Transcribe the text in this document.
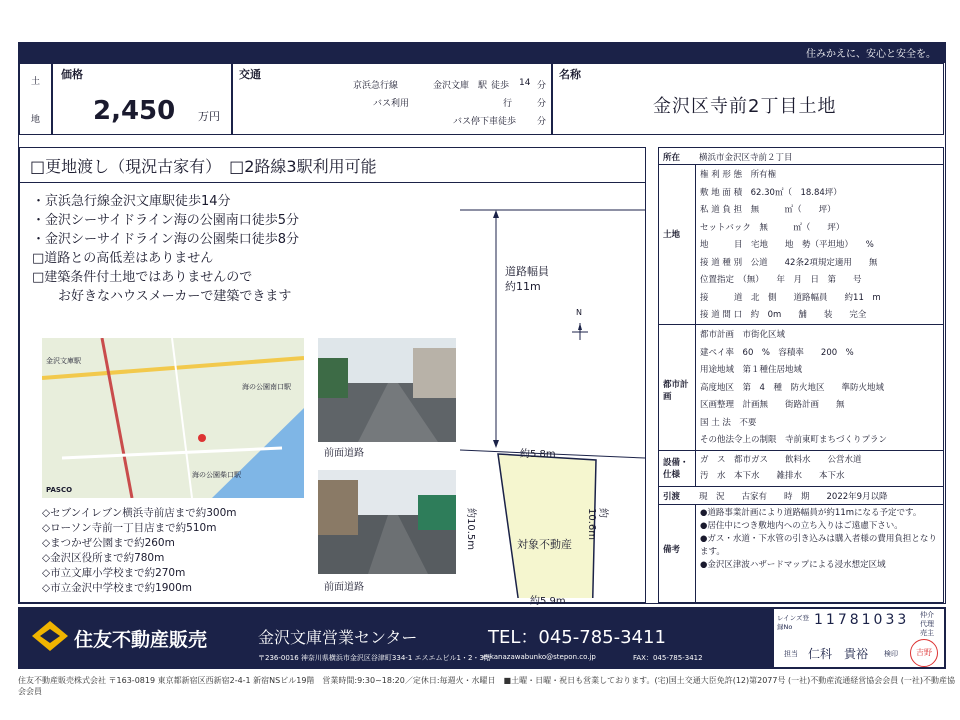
住みかえに、安心と安全を。
土
地
価格
2,450 万円
交通
京浜急行線	金沢文庫　駅 徒歩 14 分
バス利用	行	分
バス停下車徒歩 分
名称
金沢区寺前2丁目土地
□更地渡し（現況古家有）　□2路線3駅利用可能
・京浜急行線金沢文庫駅徒歩14分
・金沢シーサイドライン海の公園南口徒歩5分
・金沢シーサイドライン海の公園柴口徒歩8分
□道路との高低差はありません
□建築条件付土地ではありませんので
　　お好きなハウスメーカーで建築できます
金沢文庫駅
海の公園南口駅
海の公園柴口駅
PASCO
前面道路
前面道路
◇セブンイレブン横浜寺前店まで約300m
◇ローソン寺前一丁目店まで約510m
◇まつかぜ公園まで約260m
◇金沢区役所まで約780m
◇市立文庫小学校まで約270m
◇市立金沢中学校まで約1900m
道路幅員
約11m
N
約5.8m
約10.5m	約10.6m
対象不動産
約5.9m
所在 横浜市金沢区寺前２丁目
土地
権 利 形 態　 所有権
敷 地 面 積　 62.30㎡（　18.84坪）
私 道 負 担　 無　　　㎡（　　坪）
セットバック　 無　　　㎡（　　坪）
地　　　目　 宅地　　地　勢（平坦地）　　%
接 道 種 別　 公道　　42条2項規定適用　　無
位置指定　 （無）　　年　月　日　第　　号
接　　　道　 北　側　　道路幅員　　約11　m
接 道 間 口　 約　0m　　舗　　装　　完全
都市計画
都市計画　 市街化区域
建ペイ率　 60　%　容積率　　200　%
用途地域　 第１種住居地域
高度地区　 第　4　種　防火地区　　準防火地域
区画整理　 計画無　　街路計画　　無
国 土 法　 不要
その他法令上の制限　 寺前東町まちづくりプラン
設備・仕様
ガ　ス　 都市ガス　　飲料水　　公営水道
汚　水　 本下水　　雑排水　　本下水
引渡 現　況　　古家有　　時　期　　2022年9月以降
備考
●道路事業計画により道路幅員が約11mになる予定です。
●居住中につき敷地内への立ち入りはご遠慮下さい。
●ガス・水道・下水管の引き込みは購入者様の費用負担となります。
●金沢区津波ハザードマップによる浸水想定区域
住友不動産販売	金沢文庫営業センター	TEL：045-785-3411
〒236-0016 神奈川県横浜市金沢区谷津町334-1 エスエムビル1・2・3階
e-kanazawabunko@stepon.co.jp	FAX：045-785-3412
レインズ登録No	11781033 仲介
代理
売主
担当 仁科　貴裕 検印	吉野
住友不動産販売株式会社 〒163-0819 東京都新宿区西新宿2-4-1 新宿NSビル19階　営業時間:9:30~18:20／定休日:毎週火・水曜日　■土曜・日曜・祝日も営業しております。(宅)国土交通大臣免許(12)第2077号 (一社)不動産流通経営協会会員 (一社)不動産協会会員
